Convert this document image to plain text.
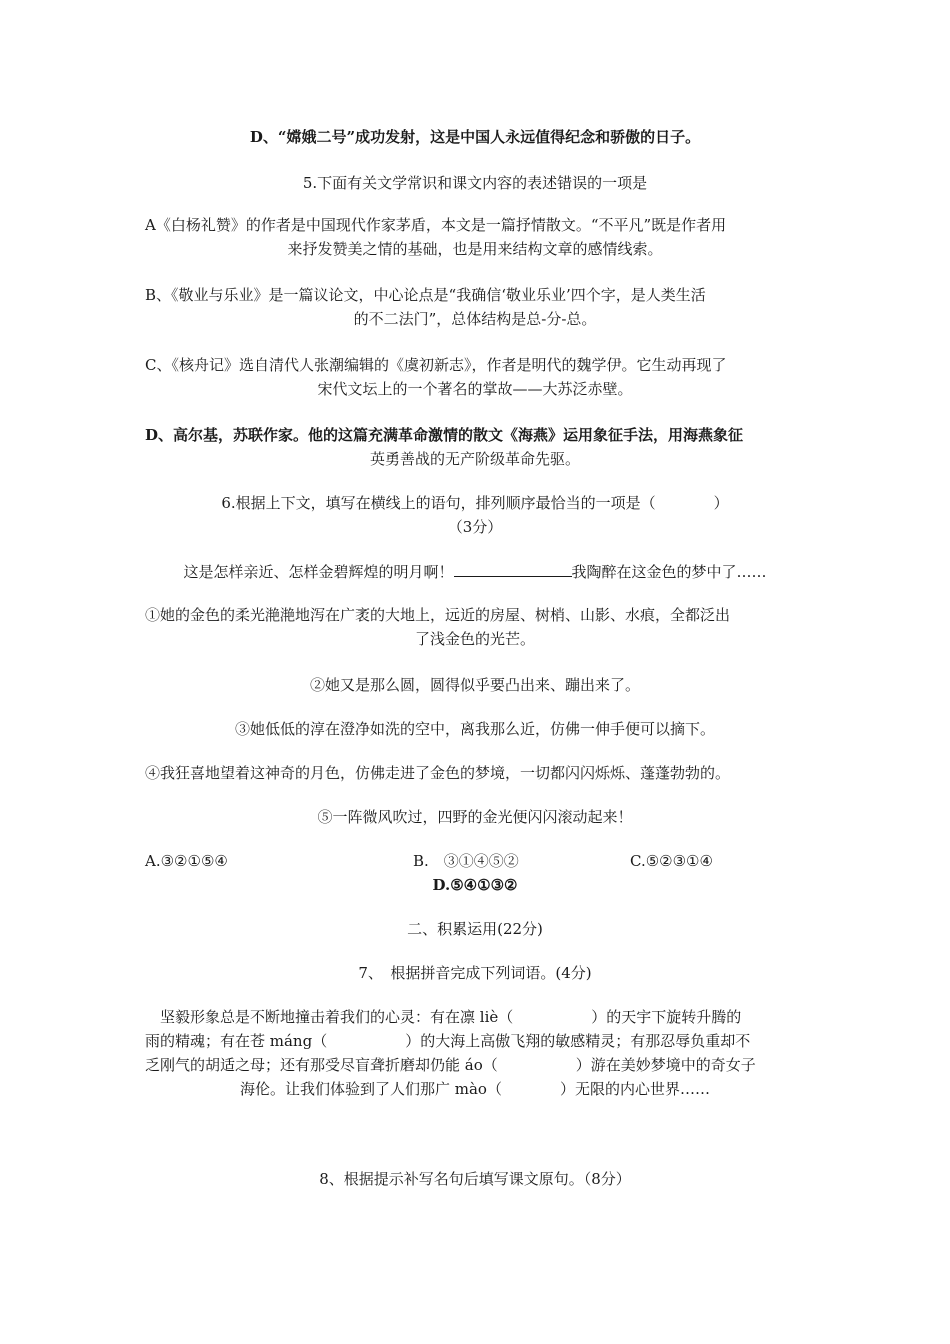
D、“嫦娥二号”成功发射，这是中国人永远值得纪念和骄傲的日子。
5.下面有关文学常识和课文内容的表述错误的一项是
A《白杨礼赞》的作者是中国现代作家茅盾，本文是一篇抒情散文。“不平凡”既是作者用
来抒发赞美之情的基础，也是用来结构文章的感情线索。
B、《敬业与乐业》是一篇议论文，中心论点是“我确信‘敬业乐业’四个字，是人类生活
的不二法门”，总体结构是总-分-总。
C、《核舟记》选自清代人张潮编辑的《虞初新志》，作者是明代的魏学伊。它生动再现了
宋代文坛上的一个著名的掌故——大苏泛赤壁。
D、高尔基，苏联作家。他的这篇充满革命激情的散文《海燕》运用象征手法，用海燕象征
英勇善战的无产阶级革命先驱。
6.根据上下文，填写在横线上的语句，排列顺序最恰当的一项是（	）
（3分）
这是怎样亲近、怎样金碧辉煌的明月啊！	我陶醉在这金色的梦中了……
①她的金色的柔光滟滟地泻在广袤的大地上，远近的房屋、树梢、山影、水痕，全都泛出
了浅金色的光芒。
②她又是那么圆，圆得似乎要凸出来、蹦出来了。
③她低低的淳在澄净如洗的空中，离我那么近，仿佛一伸手便可以摘下。
④我狂喜地望着这神奇的月色，仿佛走进了金色的梦境，一切都闪闪烁烁、蓬蓬勃勃的。
⑤一阵微风吹过，四野的金光便闪闪滚动起来！
A.③②①⑤④	B.　③①④⑤②	C.⑤②③①④
D.⑤④①③②
二、积累运用(22分)
7、　根据拼音完成下列词语。(4分)
坚毅形象总是不断地撞击着我们的心灵：有在凛 liè（	）的天宇下旋转升腾的
雨的精魂；有在苍 máng（	）的大海上高傲飞翔的敏感精灵；有那忍辱负重却不
乏刚气的胡适之母；还有那受尽盲聋折磨却仍能 áo（	）游在美妙梦境中的奇女子
海伦。让我们体验到了人们那广 mào（	）无限的内心世界……
8、根据提示补写名句后填写课文原句。（8分）
